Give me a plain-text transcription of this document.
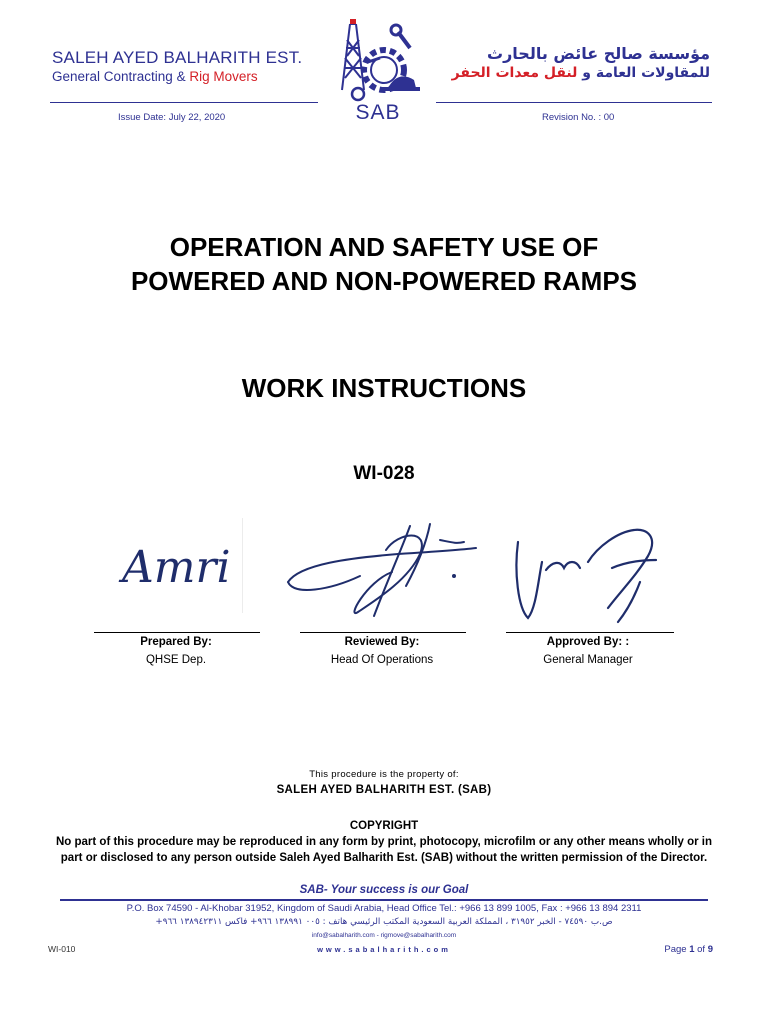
SALEH AYED BALHARITH EST.
General Contracting & Rig Movers
SAB
مؤسسة صالح عائض بالحارث
للمقاولات العامة و لنقل معدات الحفر
Issue Date: July 22, 2020	Revision No. : 00
OPERATION AND SAFETY USE OF
POWERED AND NON-POWERED RAMPS
WORK INSTRUCTIONS
WI-028
Amri
Prepared By:	Reviewed By:	Approved By: :
QHSE Dep.	Head Of Operations	General Manager
This procedure is the property of:
SALEH AYED BALHARITH EST. (SAB)
COPYRIGHT
No part of this procedure may be reproduced in any form by print, photocopy, microfilm or any other means wholly or in part or disclosed to any person outside Saleh Ayed Balharith Est. (SAB) without the written permission of the Director.
SAB- Your success is our Goal
P.O. Box 74590 - Al-Khobar 31952, Kingdom of Saudi Arabia, Head Office Tel.: +966 13 899 1005, Fax : +966 13 894 2311
ص.ب ٧٤٥٩٠ - الخبر ٣١٩٥٢ ، المملكة العربية السعودية المكتب الرئيسي هاتف : ٠٠٥ ١٣٨٩٩١ ٩٦٦+ فاكس ١٣٨٩٤٢٣١١ ٩٦٦+
info@sabalharith.com - rigmove@sabalharith.com
www.sabalharith.com
WI-010	Page 1 of 9
